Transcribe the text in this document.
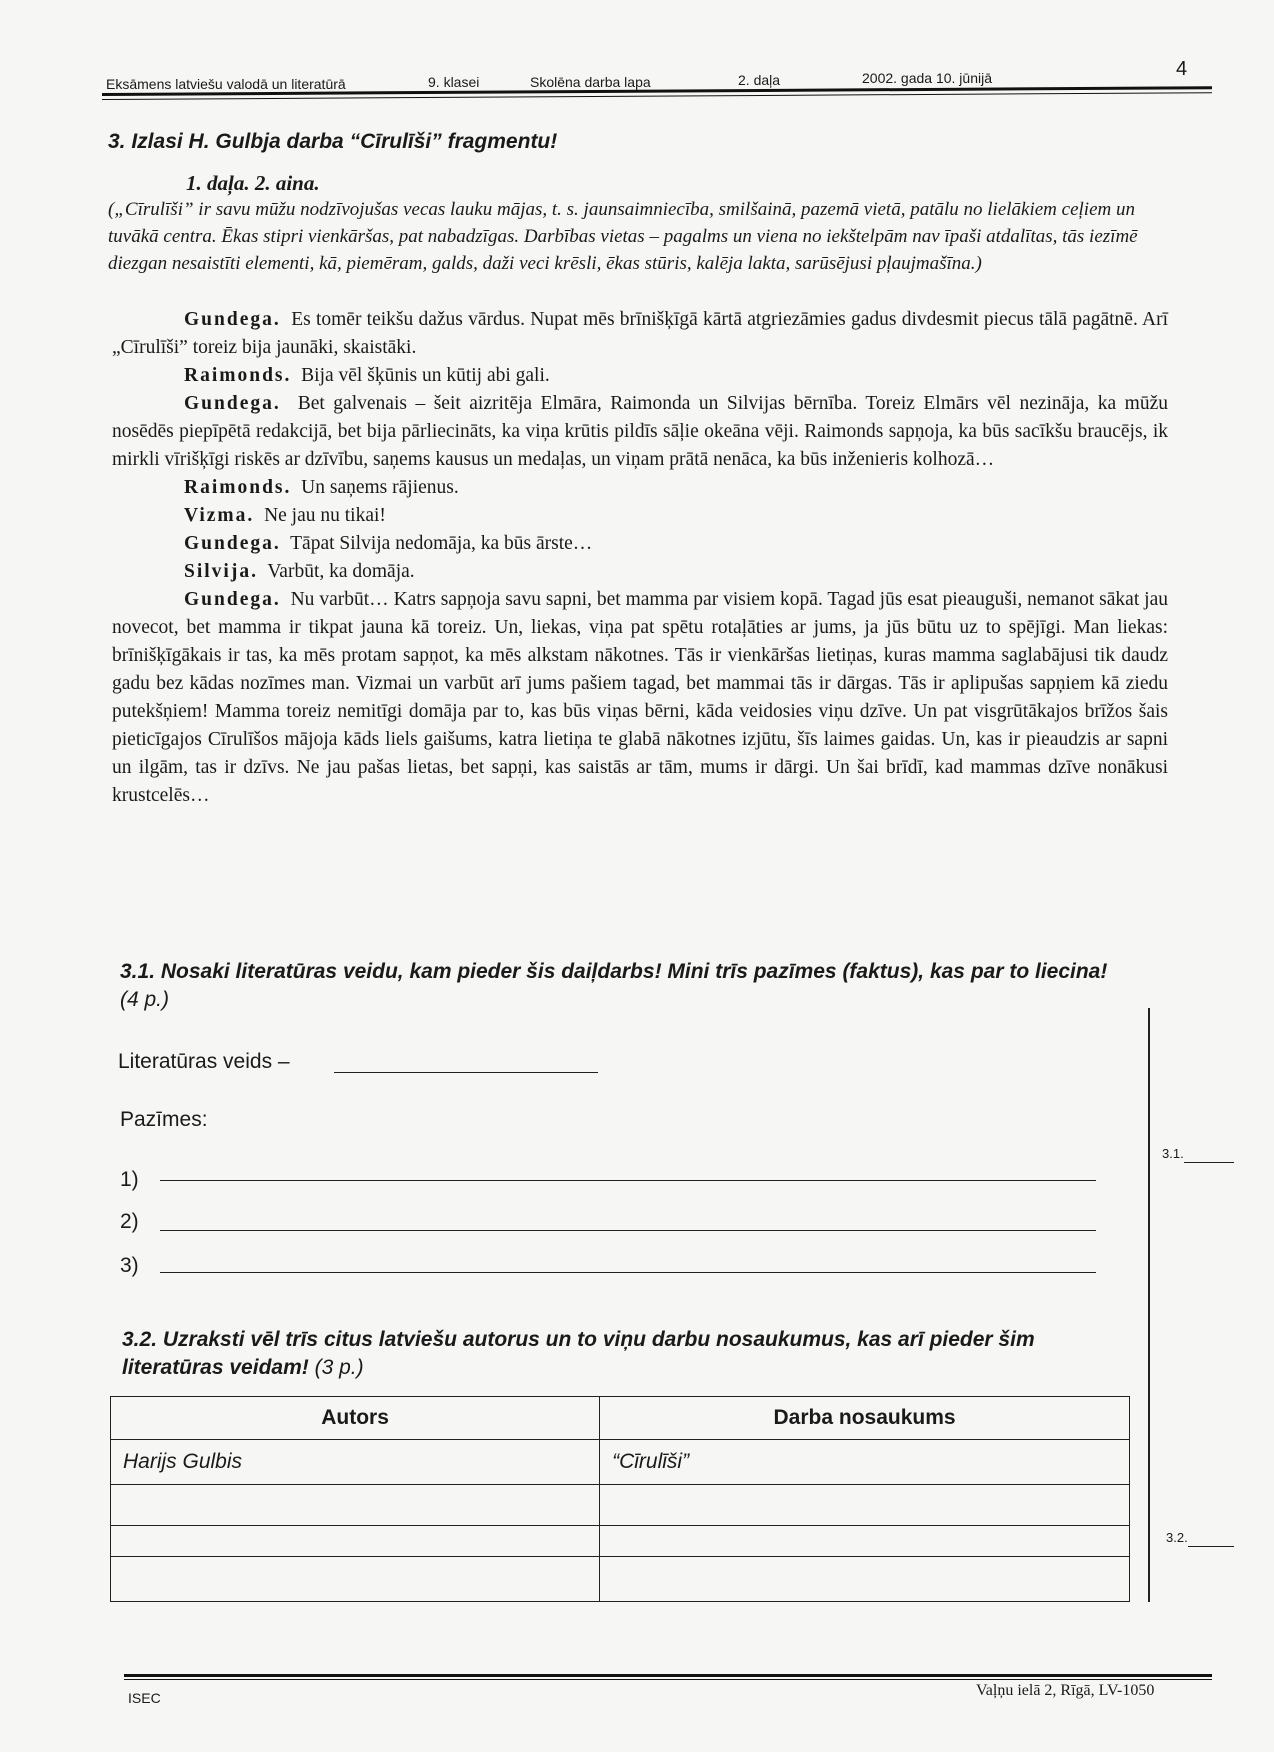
Eksāmens latviešu valodā un literatūrā	9. klasei	Skolēna darba lapa	2. daļa	2002. gada 10. jūnijā	4
3. Izlasi H. Gulbja darba “Cīrulīši” fragmentu!
1. daļa. 2. aina.
(„Cīrulīši” ir savu mūžu nodzīvojušas vecas lauku mājas, t. s. jaunsaimniecība, smilšainā, pazemā vietā, patālu no lielākiem ceļiem un tuvākā centra. Ēkas stipri vienkāršas, pat nabadzīgas. Darbības vietas – pagalms un viena no iekštelpām nav īpaši atdalītas, tās iezīmē diezgan nesaistīti elementi, kā, piemēram, galds, daži veci krēsli, ēkas stūris, kalēja lakta, sarūsējusi pļaujmašīna.)

Gundega. Es tomēr teikšu dažus vārdus. Nupat mēs brīnišķīgā kārtā atgriezāmies gadus divdesmit piecus tālā pagātnē. Arī „Cīrulīši” toreiz bija jaunāki, skaistāki.

Raimonds. Bija vēl šķūnis un kūtij abi gali.

Gundega. Bet galvenais – šeit aizritēja Elmāra, Raimonda un Silvijas bērnība. Toreiz Elmārs vēl nezināja, ka mūžu nosēdēs piepīpētā redakcijā, bet bija pārliecināts, ka viņa krūtis pildīs sāļie okeāna vēji. Raimonds sapņoja, ka būs sacīkšu braucējs, ik mirkli vīrišķīgi riskēs ar dzīvību, saņems kausus un medaļas, un viņam prātā nenāca, ka būs inženieris kolhozā…

Raimonds. Un saņems rājienus.

Vizma. Ne jau nu tikai!

Gundega. Tāpat Silvija nedomāja, ka būs ārste…

Silvija. Varbūt, ka domāja.

Gundega. Nu varbūt… Katrs sapņoja savu sapni, bet mamma par visiem kopā. Tagad jūs esat pieauguši, nemanot sākat jau novecot, bet mamma ir tikpat jauna kā toreiz. Un, liekas, viņa pat spētu rotaļāties ar jums, ja jūs būtu uz to spējīgi. Man liekas: brīnišķīgākais ir tas, ka mēs protam sapņot, ka mēs alkstam nākotnes. Tās ir vienkāršas lietiņas, kuras mamma saglabājusi tik daudz gadu bez kādas nozīmes man. Vizmai un varbūt arī jums pašiem tagad, bet mammai tās ir dārgas. Tās ir aplipušas sapņiem kā ziedu putekšņiem! Mamma toreiz nemitīgi domāja par to, kas būs viņas bērni, kāda veidosies viņu dzīve. Un pat visgrūtākajos brīžos šais pieticīgajos Cīrulīšos mājoja kāds liels gaišums, katra lietiņa te glabā nākotnes izjūtu, šīs laimes gaidas. Un, kas ir pieaudzis ar sapni un ilgām, tas ir dzīvs. Ne jau pašas lietas, bet sapņi, kas saistās ar tām, mums ir dārgi. Un šai brīdī, kad mammas dzīve nonākusi krustcelēs…

3.1. Nosaki literatūras veidu, kam pieder šis daiļdarbs! Mini trīs pazīmes (faktus), kas par to liecina! (4 p.)
Literatūras veids –
Pazīmes:
1)
2)
3)
3.1.
3.2.
3.2. Uzraksti vēl trīs citus latviešu autorus un to viņu darbu nosaukumus, kas arī pieder šim literatūras veidam! (3 p.)
Autors	Darba nosaukums
Harijs Gulbis	“Cīrulīši”

ISEC	Vaļņu ielā 2, Rīgā, LV-1050
